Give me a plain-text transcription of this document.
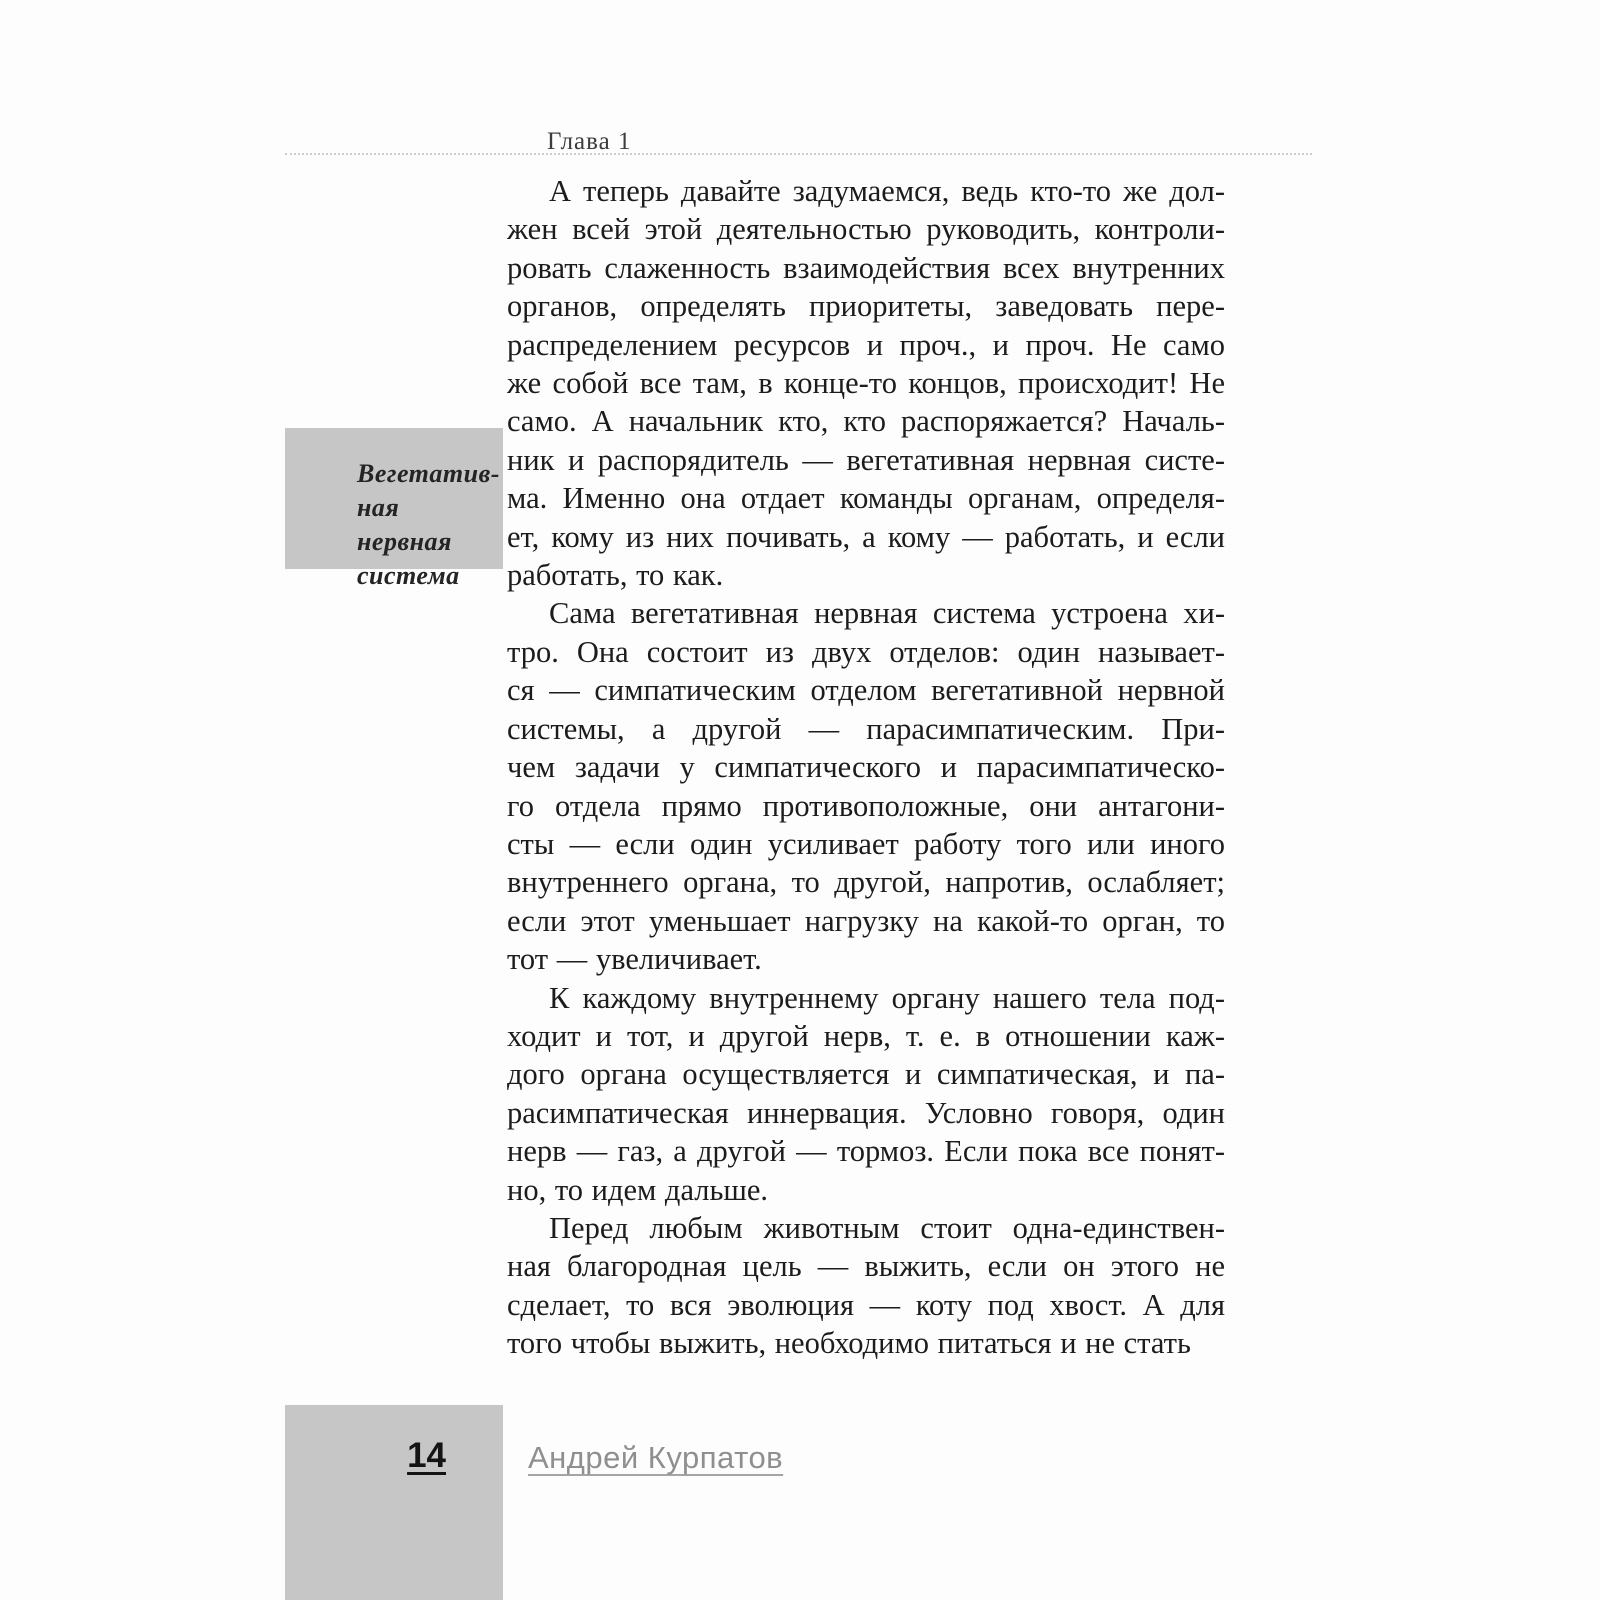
Глава 1
Вегетатив-
ная нервная
система
А теперь давайте задумаемся, ведь кто-то же дол-
жен всей этой деятельностью руководить, контроли-
ровать слаженность взаимодействия всех внутренних
органов, определять приоритеты, заведовать пере-
распределением ресурсов и проч., и проч. Не само
же собой все там, в конце-то концов, происходит! Не
само. А начальник кто, кто распоряжается? Началь-
ник и распорядитель — вегетативная нервная систе-
ма. Именно она отдает команды органам, определя-
ет, кому из них почивать, а кому — работать, и если
работать, то как.
Сама вегетативная нервная система устроена хи-
тро. Она состоит из двух отделов: один называет-
ся — симпатическим отделом вегетативной нервной
системы, а другой — парасимпатическим. При-
чем задачи у симпатического и парасимпатическо-
го отдела прямо противоположные, они антагони-
сты — если один усиливает работу того или иного
внутреннего органа, то другой, напротив, ослабляет;
если этот уменьшает нагрузку на какой-то орган, то
тот — увеличивает.
К каждому внутреннему органу нашего тела под-
ходит и тот, и другой нерв, т. е. в отношении каж-
дого органа осуществляется и симпатическая, и па-
расимпатическая иннервация. Условно говоря, один
нерв — газ, а другой — тормоз. Если пока все понят-
но, то идем дальше.
Перед любым животным стоит одна-единствен-
ная благородная цель — выжить, если он этого не
сделает, то вся эволюция — коту под хвост. А для
того чтобы выжить, необходимо питаться и не стать
14	Андрей Курпатов
